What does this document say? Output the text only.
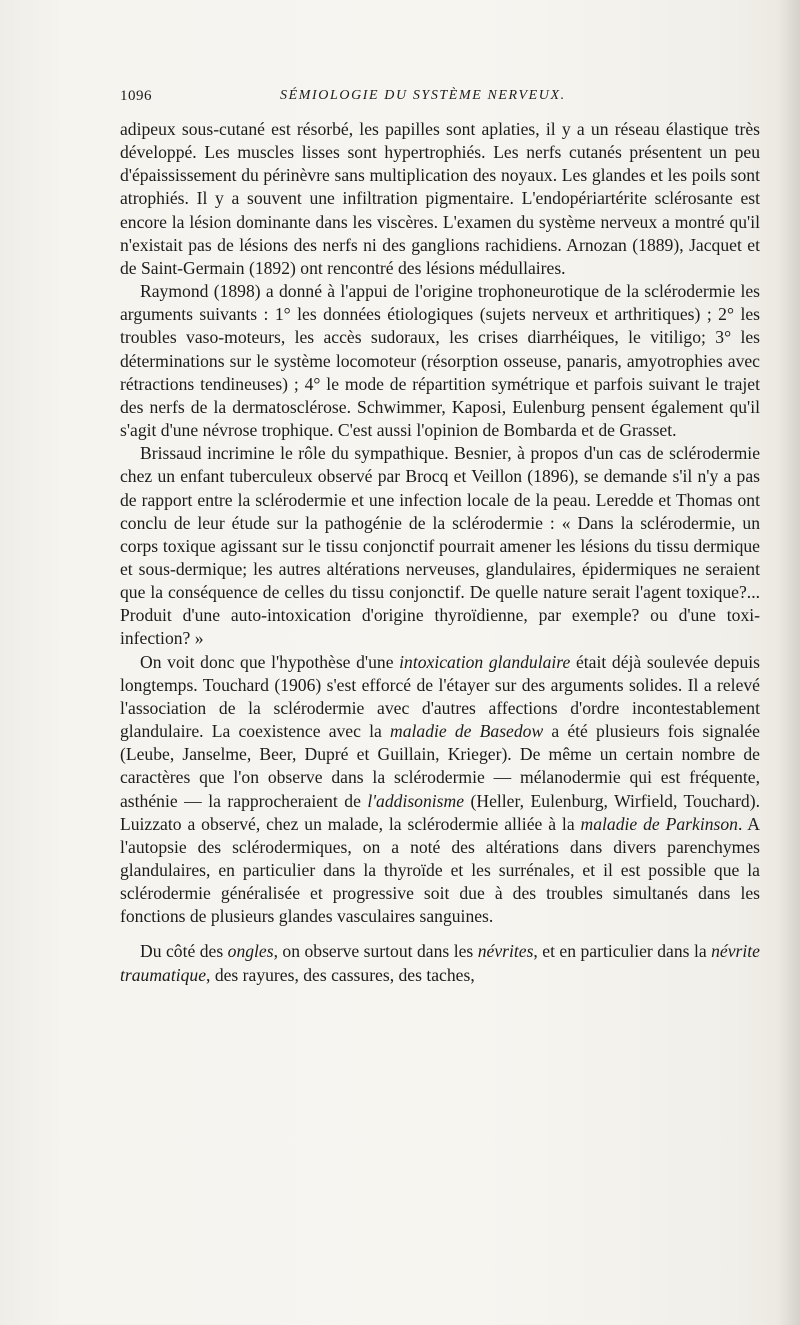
1096	SÉMIOLOGIE DU SYSTÈME NERVEUX.

adipeux sous-cutané est résorbé, les papilles sont aplaties, il y a un réseau élastique très développé. Les muscles lisses sont hypertrophiés. Les nerfs cutanés présentent un peu d'épaississement du périnèvre sans multiplication des noyaux. Les glandes et les poils sont atrophiés. Il y a souvent une infiltration pigmentaire. L'endopériartérite sclérosante est encore la lésion dominante dans les viscères. L'examen du système nerveux a montré qu'il n'existait pas de lésions des nerfs ni des ganglions rachidiens. Arnozan (1889), Jacquet et de Saint-Germain (1892) ont rencontré des lésions médullaires.

Raymond (1898) a donné à l'appui de l'origine trophoneurotique de la sclérodermie les arguments suivants : 1° les données étiologiques (sujets nerveux et arthritiques) ; 2° les troubles vaso-moteurs, les accès sudoraux, les crises diarrhéiques, le vitiligo; 3° les déterminations sur le système locomoteur (résorption osseuse, panaris, amyotrophies avec rétractions tendineuses) ; 4° le mode de répartition symétrique et parfois suivant le trajet des nerfs de la dermatosclérose. Schwimmer, Kaposi, Eulenburg pensent également qu'il s'agit d'une névrose trophique. C'est aussi l'opinion de Bombarda et de Grasset.

Brissaud incrimine le rôle du sympathique. Besnier, à propos d'un cas de sclérodermie chez un enfant tuberculeux observé par Brocq et Veillon (1896), se demande s'il n'y a pas de rapport entre la sclérodermie et une infection locale de la peau. Leredde et Thomas ont conclu de leur étude sur la pathogénie de la sclérodermie : « Dans la sclérodermie, un corps toxique agissant sur le tissu conjonctif pourrait amener les lésions du tissu dermique et sous-dermique; les autres altérations nerveuses, glandulaires, épidermiques ne seraient que la conséquence de celles du tissu conjonctif. De quelle nature serait l'agent toxique?... Produit d'une auto-intoxication d'origine thyroïdienne, par exemple? ou d'une toxi-infection? »

On voit donc que l'hypothèse d'une intoxication glandulaire était déjà soulevée depuis longtemps. Touchard (1906) s'est efforcé de l'étayer sur des arguments solides. Il a relevé l'association de la sclérodermie avec d'autres affections d'ordre incontestablement glandulaire. La coexistence avec la maladie de Basedow a été plusieurs fois signalée (Leube, Janselme, Beer, Dupré et Guillain, Krieger). De même un certain nombre de caractères que l'on observe dans la sclérodermie — mélanodermie qui est fréquente, asthénie — la rapprocheraient de l'addisonisme (Heller, Eulenburg, Wirfield, Touchard). Luizzato a observé, chez un malade, la sclérodermie alliée à la maladie de Parkinson. A l'autopsie des sclérodermiques, on a noté des altérations dans divers parenchymes glandulaires, en particulier dans la thyroïde et les surrénales, et il est possible que la sclérodermie généralisée et progressive soit due à des troubles simultanés dans les fonctions de plusieurs glandes vasculaires sanguines.

Du côté des ongles, on observe surtout dans les névrites, et en particulier dans la névrite traumatique, des rayures, des cassures, des taches,
